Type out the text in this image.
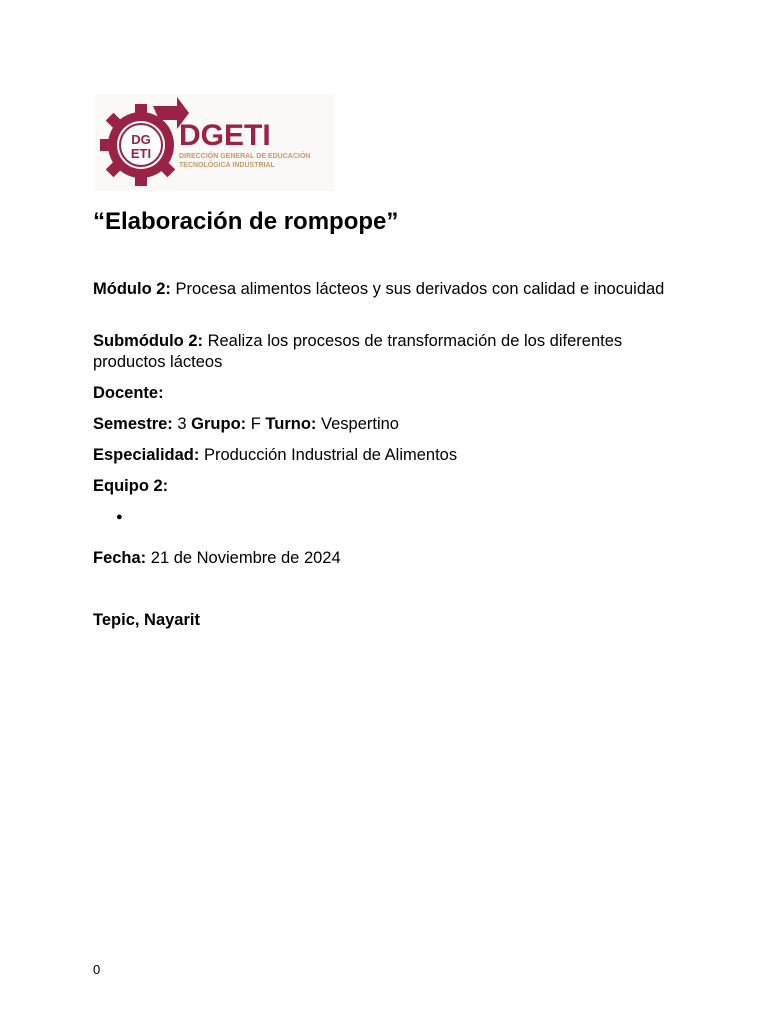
DG
ETI
DGETI
DIRECCIÓN GENERAL DE EDUCACIÓN
TECNOLÓGICA INDUSTRIAL
“Elaboración de rompope”

Módulo 2: Procesa alimentos lácteos y sus derivados con calidad e inocuidad

Submódulo 2: Realiza los procesos de transformación de los diferentes productos lácteos

Docente:

Semestre: 3 Grupo: F Turno: Vespertino

Especialidad: Producción Industrial de Alimentos

Equipo 2:

●

Fecha: 21 de Noviembre de 2024

Tepic, Nayarit

0
